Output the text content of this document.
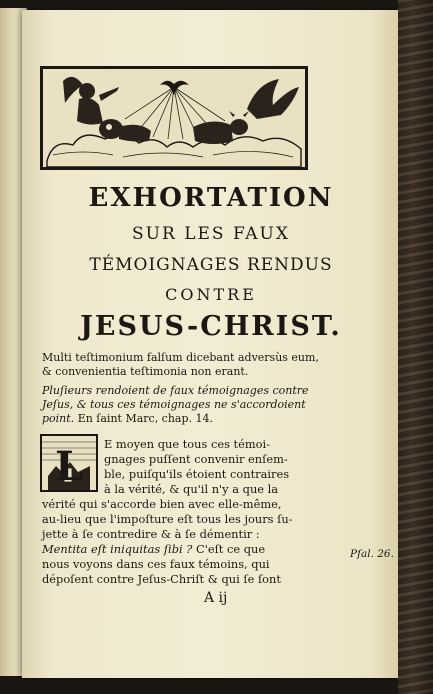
EXHORTATION
SUR LES FAUX
TÉMOIGNAGES RENDUS
CONTRE
JESUS-CHRIST.
Multi teſtimonium falſum dicebant adversùs eum,
& convenientia teſtimonia non erant.
Pluſieurs rendoient de faux témoignages contre
Jeſus, & tous ces témoignages ne s'accordoient
point. En ſaint Marc, chap. 14.
L E moyen que tous ces témoi-
gnages puſſent convenir enſem-
ble, puiſqu'ils étoient contraires
à la vérité, & qu'il n'y a que la
vérité qui s'accorde bien avec elle-même,
au-lieu que l'impoſture eſt tous les jours ſu-
jette à ſe contredire & à ſe démentir :
Mentita eſt iniquitas ſibi ? C'eſt ce que
nous voyons dans ces faux témoins, qui
dépoſent contre Jeſus-Chriſt & qui ſe ſont
Pſal. 26.
A ij
